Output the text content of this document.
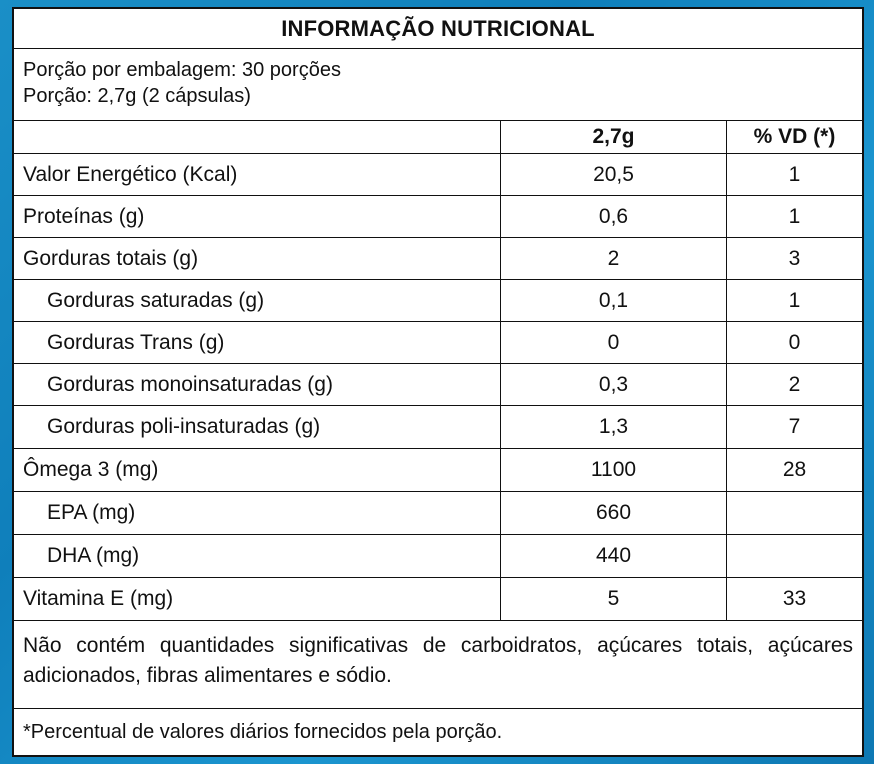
INFORMAÇÃO NUTRICIONAL
Porção por embalagem: 30 porções
Porção: 2,7g (2 cápsulas)
2,7g	% VD (*)
Valor Energético (Kcal)	20,5	1
Proteínas (g)	0,6	1
Gorduras totais (g)	2	3
Gorduras saturadas (g)	0,1	1
Gorduras Trans (g)	0	0
Gorduras monoinsaturadas (g)	0,3	2
Gorduras poli-insaturadas (g)	1,3	7
Ômega 3 (mg)	1100	28
EPA (mg)	660
DHA (mg)	440
Vitamina E (mg)	5	33
Não contém quantidades significativas de carboidratos, açúcares totais, açúcares adicionados, fibras alimentares e sódio.
*Percentual de valores diários fornecidos pela porção.
